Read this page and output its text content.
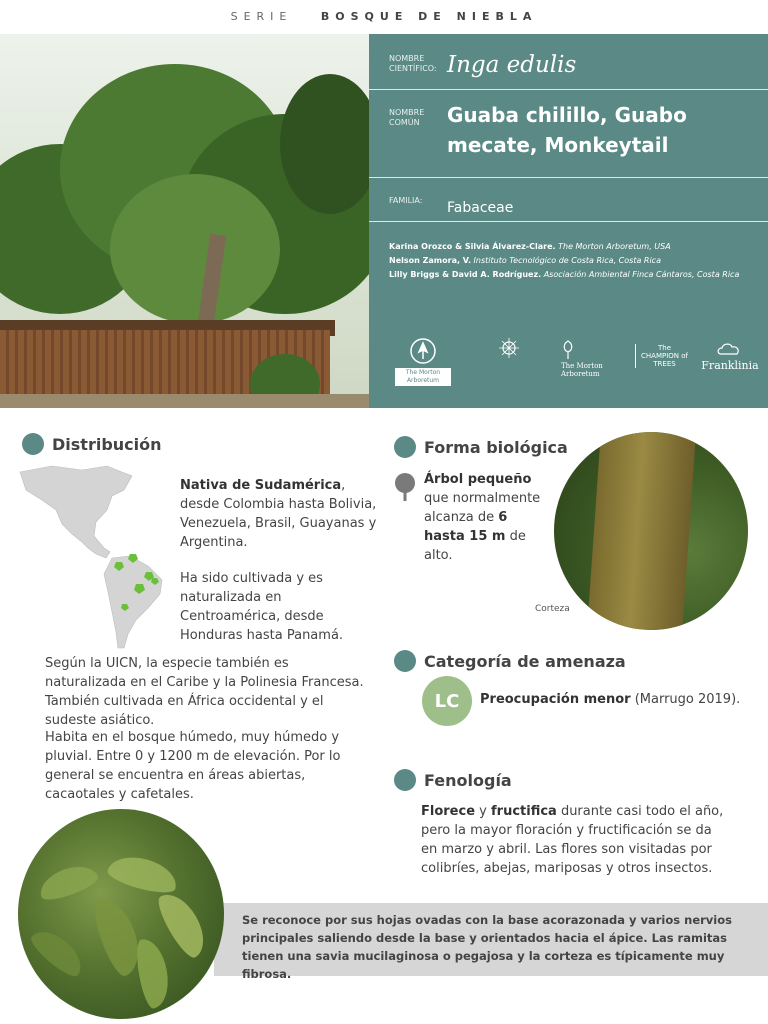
SERIE	BOSQUE DE NIEBLA
NOMBRE CIENTÍFICO: Inga edulis
NOMBRE COMÚN	Guaba chilillo, Guabo mecate, Monkeytail
FAMILIA:	Fabaceae
Karina Orozco & Silvia Álvarez-Clare. The Morton Arboretum, USA
Nelson Zamora, V. Instituto Tecnológico de Costa Rica, Costa Rica
Lilly Briggs & David A. Rodríguez. Asociación Ambiental Finca Cántaros, Costa Rica
The Morton Arboretum
The Morton Arboretum
The CHAMPION of TREES	Franklinia
Distribución
Nativa de Sudamérica, desde Colombia hasta Bolivia, Venezuela, Brasil, Guayanas y Argentina.
Ha sido cultivada y es naturalizada en Centroamérica, desde Honduras hasta Panamá.
Según la UICN, la especie también es naturalizada en el Caribe y la Polinesia Francesa. También cultivada en África occidental y el sudeste asiático.
Habita en el bosque húmedo, muy húmedo y pluvial. Entre 0 y 1200 m de elevación. Por lo general se encuentra en áreas abiertas, cacaotales y cafetales.
Forma biológica
Árbol pequeño que normalmente alcanza de 6 hasta 15 m de alto.
Corteza
Categoría de amenaza
LC	Preocupación menor (Marrugo 2019).
Fenología
Florece y fructifica durante casi todo el año, pero la mayor floración y fructificación se da en marzo y abril. Las flores son visitadas por colibríes, abejas, mariposas y otros insectos.
Se reconoce por sus hojas ovadas con la base acorazonada y varios nervios principales saliendo desde la base y orientados hacia el ápice. Las ramitas tienen una savia mucilaginosa o pegajosa y la corteza es típicamente muy fibrosa.
